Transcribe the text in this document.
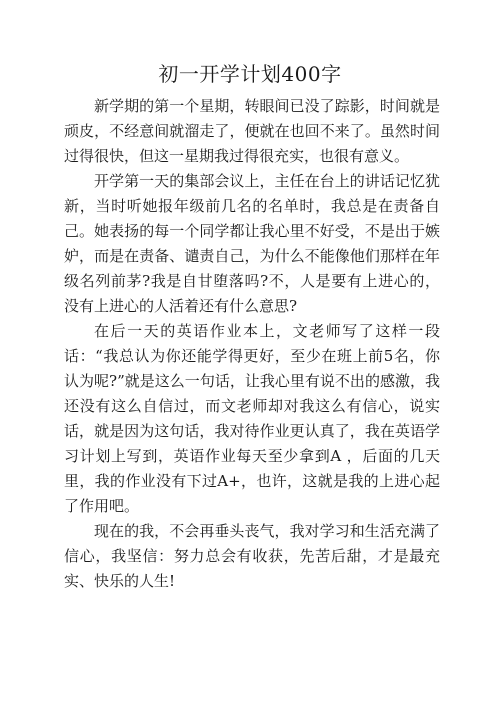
初一开学计划400字

新学期的第一个星期，转眼间已没了踪影，时间就是顽皮，不经意间就溜走了，便就在也回不来了。虽然时间过得很快，但这一星期我过得很充实，也很有意义。

开学第一天的集部会议上，主任在台上的讲话记忆犹新，当时听她报年级前几名的名单时，我总是在责备自己。她表扬的每一个同学都让我心里不好受，不是出于嫉妒，而是在责备、谴责自己，为什么不能像他们那样在年级名列前茅?我是自甘堕落吗?不，人是要有上进心的，没有上进心的人活着还有什么意思?

在后一天的英语作业本上，文老师写了这样一段话：“我总认为你还能学得更好，至少在班上前5名，你认为呢?”就是这么一句话，让我心里有说不出的感激，我还没有这么自信过，而文老师却对我这么有信心，说实话，就是因为这句话，我对待作业更认真了，我在英语学习计划上写到，英语作业每天至少拿到A ，后面的几天里，我的作业没有下过A+，也许，这就是我的上进心起了作用吧。

现在的我，不会再垂头丧气，我对学习和生活充满了信心，我坚信：努力总会有收获，先苦后甜，才是最充实、快乐的人生!
